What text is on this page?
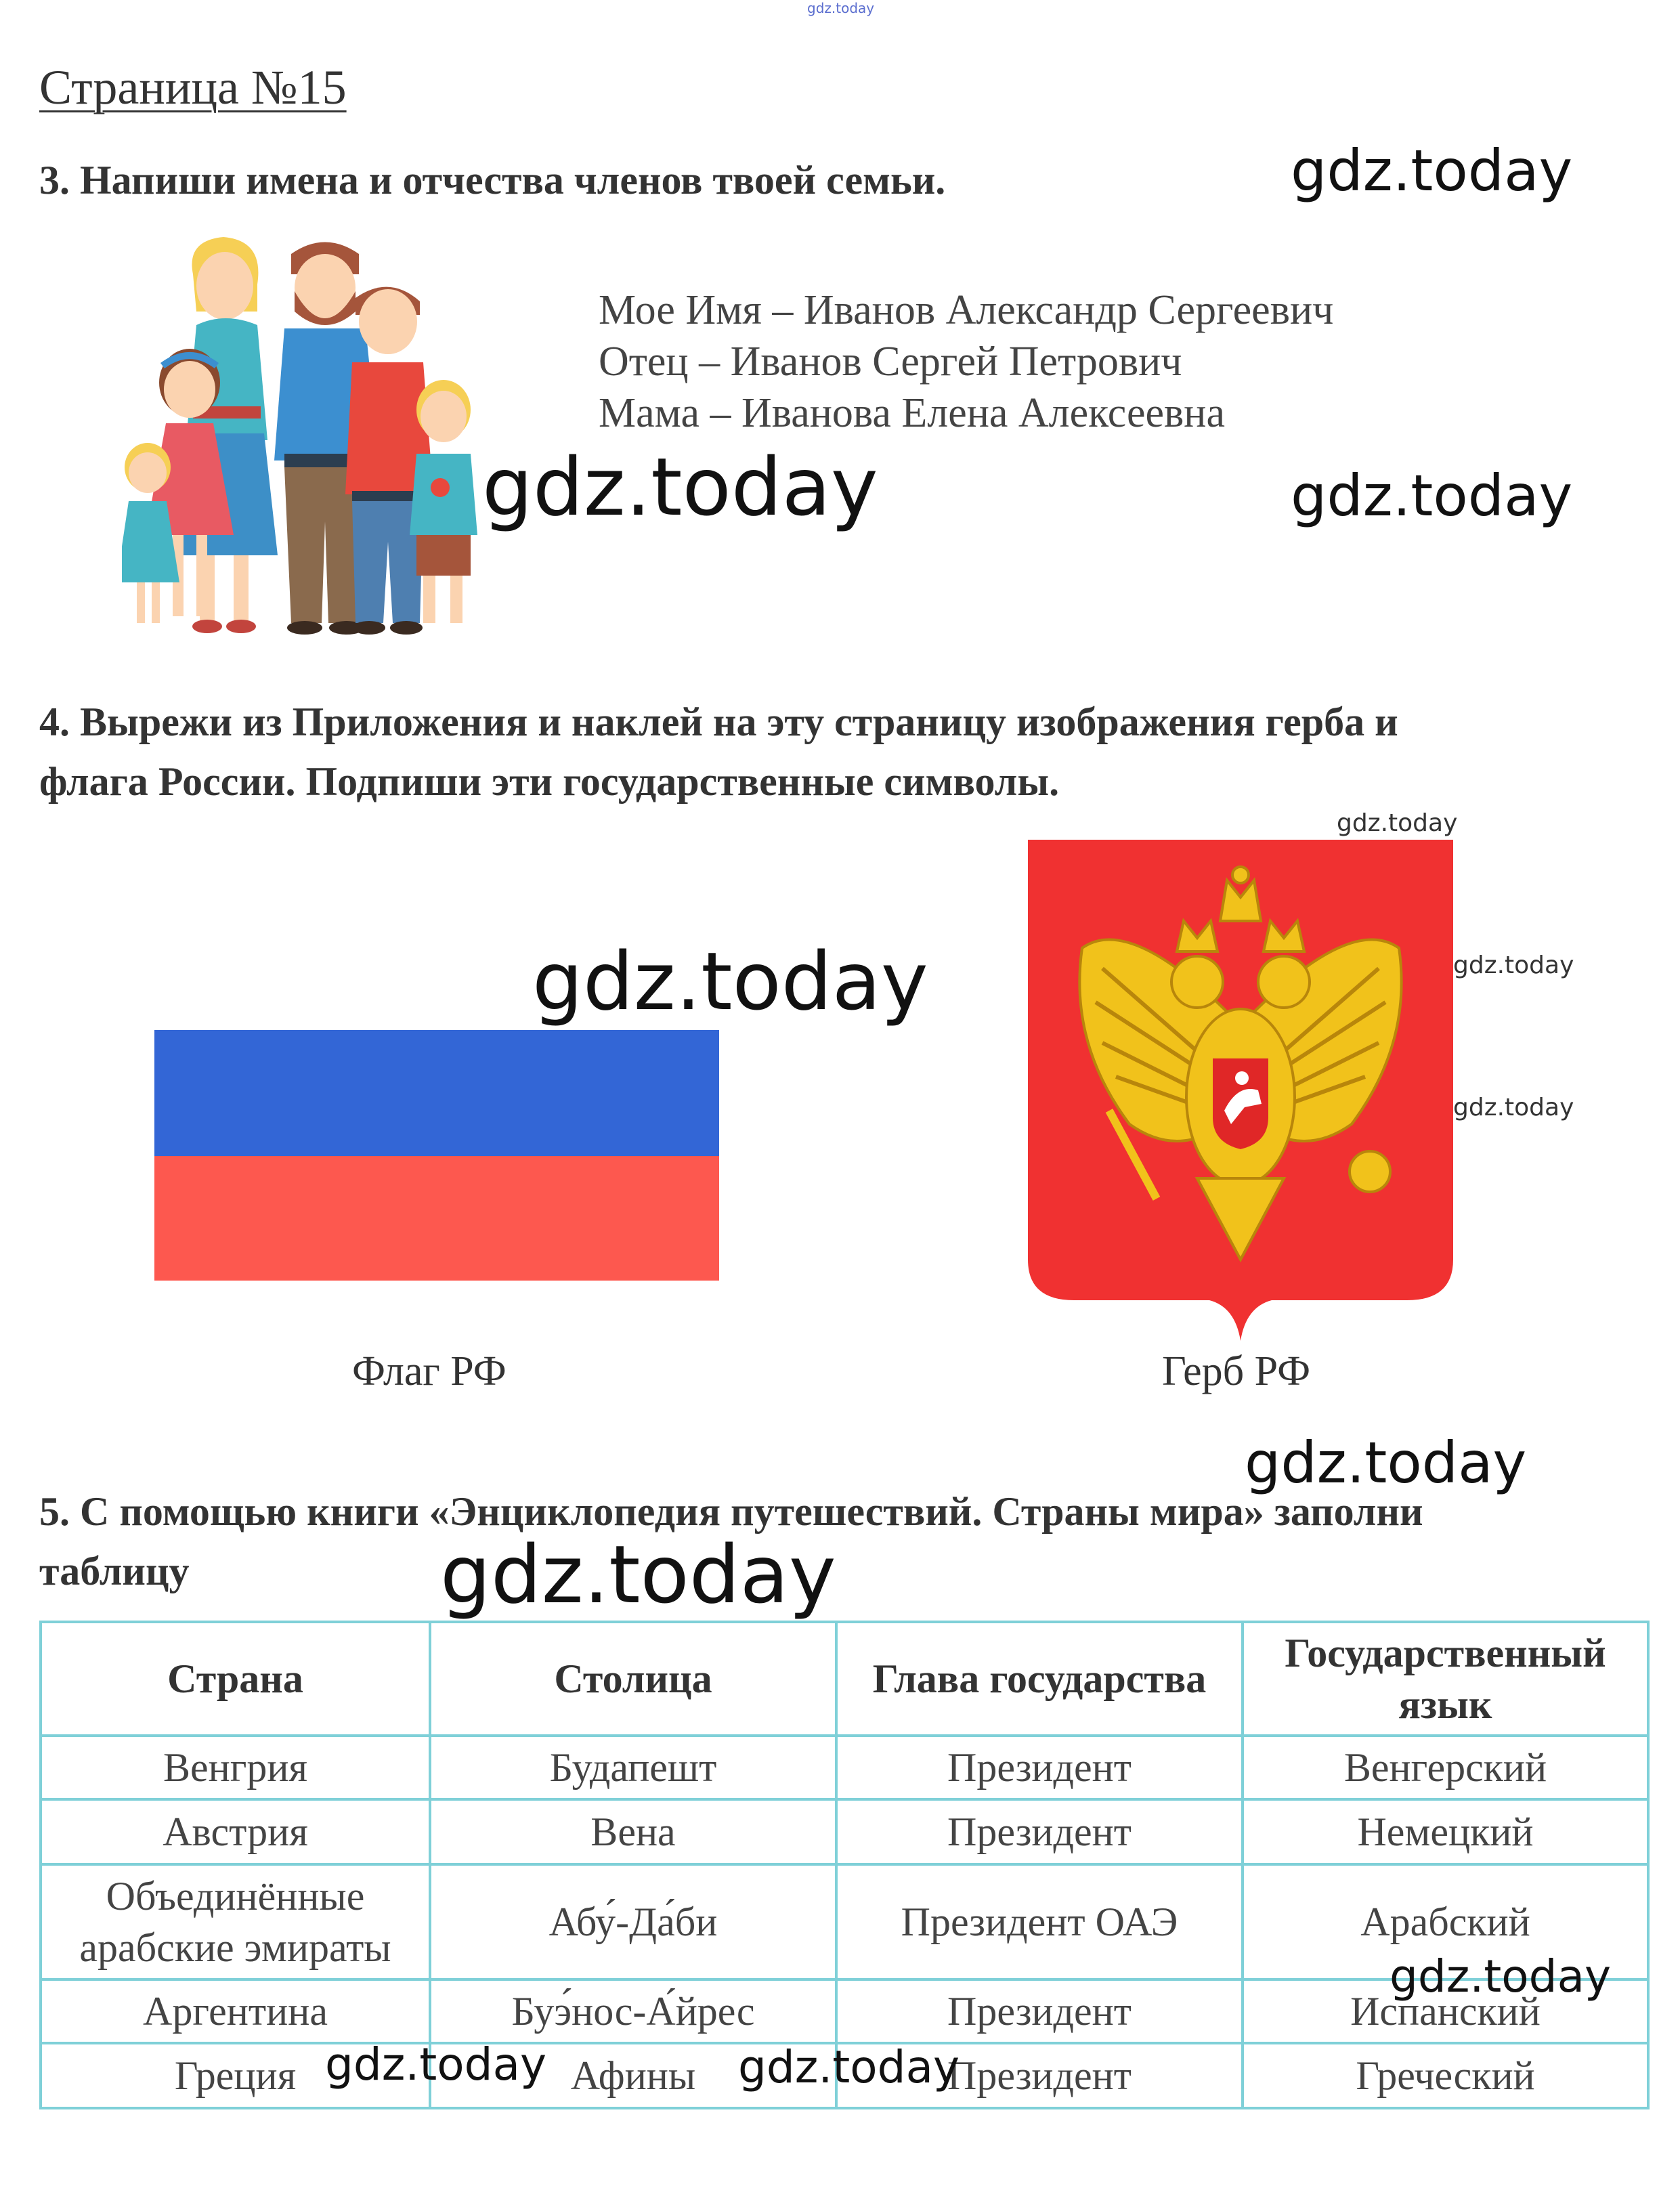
gdz.today
Страница №15
3. Напиши имена и отчества членов твоей семьи.	gdz.today
Мое Имя – Иванов Александр Сергеевич
Отец – Иванов Сергей Петрович
Мама – Иванова Елена Алексеевна
gdz.today	gdz.today
4. Вырежи из Приложения и наклей на эту страницу изображения герба и
флага России. Подпиши эти государственные символы.
gdz.today
gdz.today
Флаг РФ	Герб РФ
gdz.today
gdz.today
gdz.today
5. С помощью книги «Энциклопедия путешествий. Страны мира» заполни
таблицу	gdz.today
Страна	Столица	Глава государства	Государственный язык
Венгрия	Будапешт	Президент	Венгерский
Австрия	Вена	Президент	Немецкий
Объединённые арабские эмираты	Абу́-Да́би	Президент ОАЭ	Арабский
Аргентина	Буэ́нос-А́йрес	Президент	Испанский
Греция	Афины	Президент	Греческий
gdz.today
gdz.today	gdz.today
